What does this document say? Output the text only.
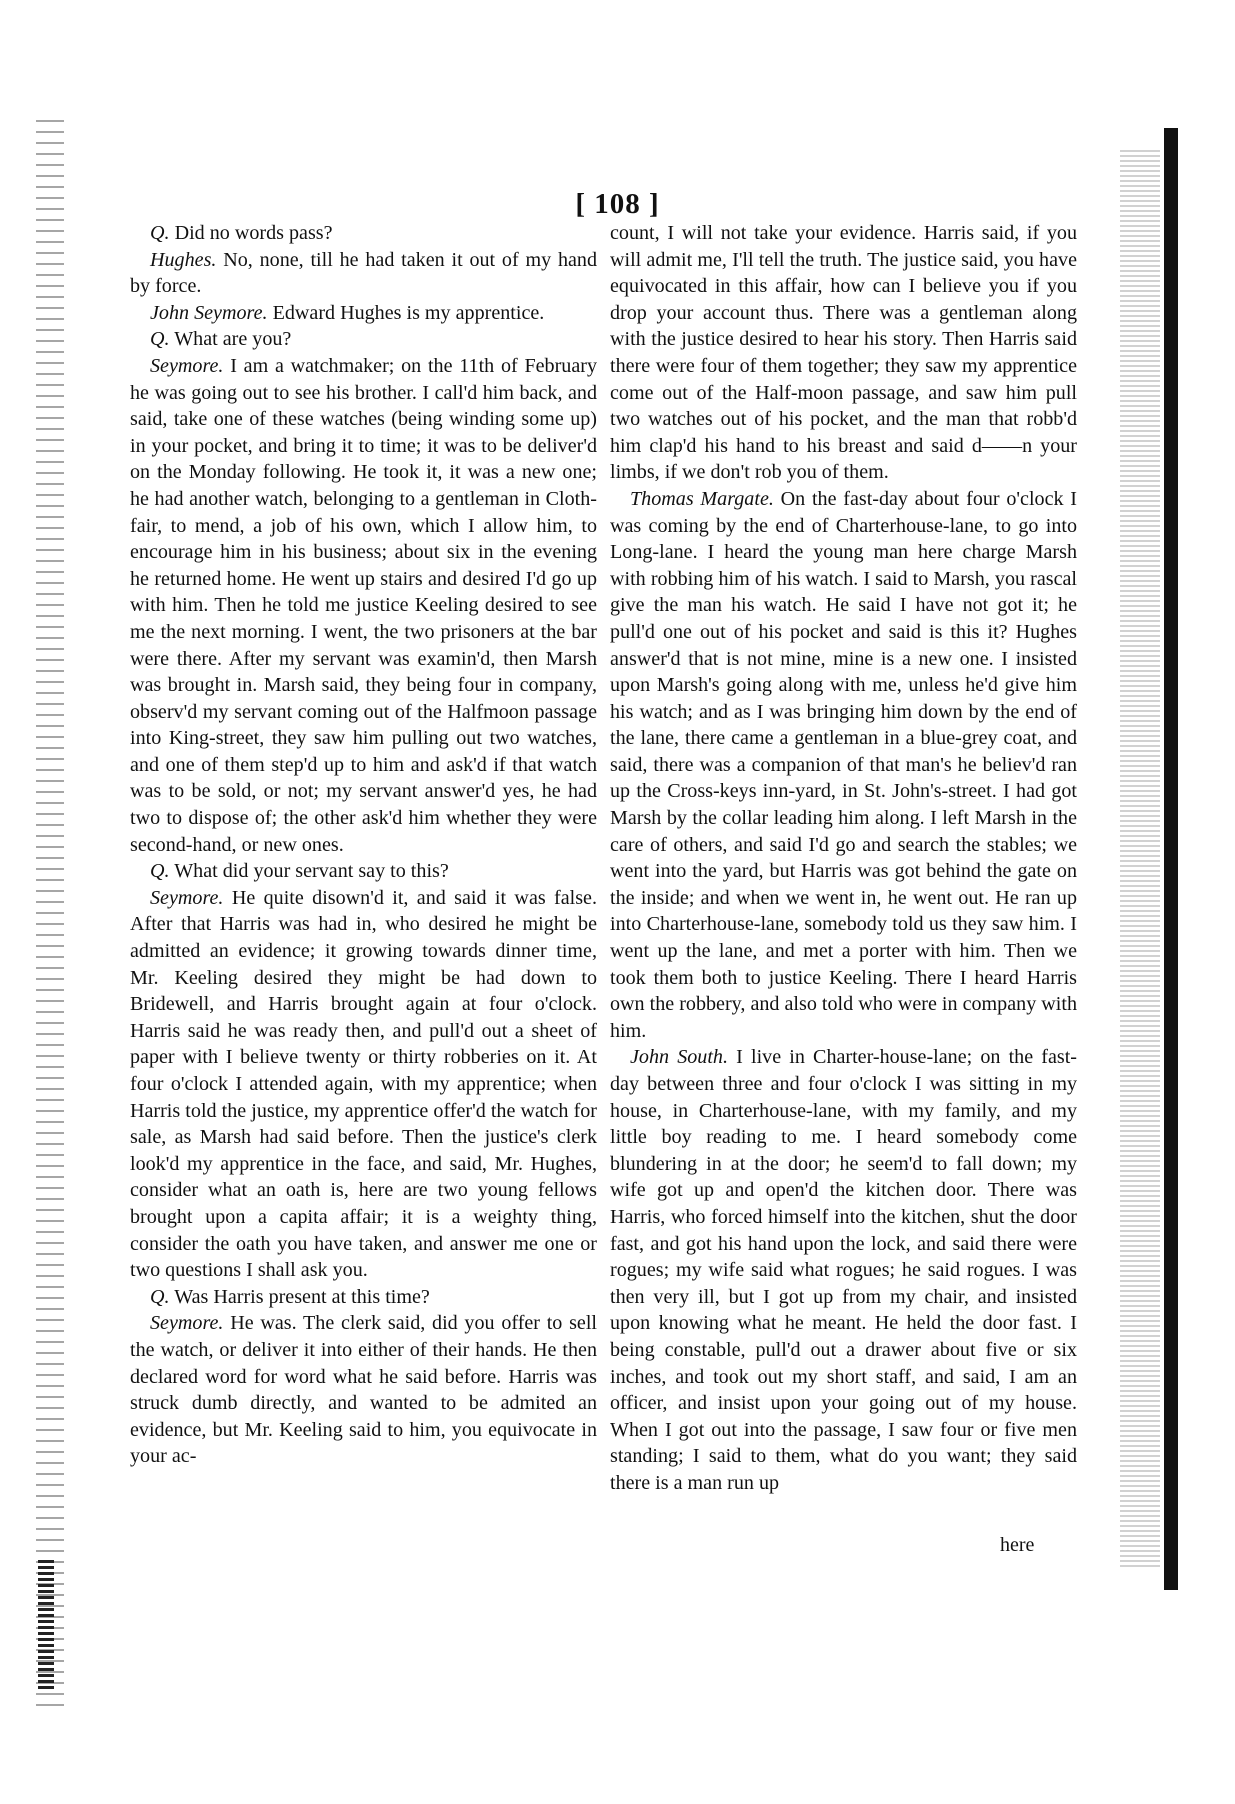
[ 108 ]

Q. Did no words pass?

Hughes. No, none, till he had taken it out of my hand by force.

John Seymore. Edward Hughes is my apprentice.

Q. What are you?

Seymore. I am a watchmaker; on the 11th of February he was going out to see his brother. I call'd him back, and said, take one of these watches (being winding some up) in your pocket, and bring it to time; it was to be deliver'd on the Monday following. He took it, it was a new one; he had another watch, belonging to a gentleman in Cloth-fair, to mend, a job of his own, which I allow him, to encourage him in his business; about six in the evening he returned home. He went up stairs and desired I'd go up with him. Then he told me justice Keeling desired to see me the next morning. I went, the two prisoners at the bar were there. After my servant was examin'd, then Marsh was brought in. Marsh said, they being four in company, observ'd my servant coming out of the Halfmoon passage into King-street, they saw him pulling out two watches, and one of them step'd up to him and ask'd if that watch was to be sold, or not; my servant answer'd yes, he had two to dispose of; the other ask'd him whether they were second-hand, or new ones.

Q. What did your servant say to this?

Seymore. He quite disown'd it, and said it was false. After that Harris was had in, who desired he might be admitted an evidence; it growing towards dinner time, Mr. Keeling desired they might be had down to Bridewell, and Harris brought again at four o'clock. Harris said he was ready then, and pull'd out a sheet of paper with I believe twenty or thirty robberies on it. At four o'clock I attended again, with my apprentice; when Harris told the justice, my apprentice offer'd the watch for sale, as Marsh had said before. Then the justice's clerk look'd my apprentice in the face, and said, Mr. Hughes, consider what an oath is, here are two young fellows brought upon a capita affair; it is a weighty thing, consider the oath you have taken, and answer me one or two questions I shall ask you.

Q. Was Harris present at this time?

Seymore. He was. The clerk said, did you offer to sell the watch, or deliver it into either of their hands. He then declared word for word what he said before. Harris was struck dumb directly, and wanted to be admited an evidence, but Mr. Keeling said to him, you equivocate in your ac-

count, I will not take your evidence. Harris said, if you will admit me, I'll tell the truth. The justice said, you have equivocated in this affair, how can I believe you if you drop your account thus. There was a gentleman along with the justice desired to hear his story. Then Harris said there were four of them together; they saw my apprentice come out of the Half-moon passage, and saw him pull two watches out of his pocket, and the man that robb'd him clap'd his hand to his breast and said d——n your limbs, if we don't rob you of them.

Thomas Margate. On the fast-day about four o'clock I was coming by the end of Charterhouse-lane, to go into Long-lane. I heard the young man here charge Marsh with robbing him of his watch. I said to Marsh, you rascal give the man his watch. He said I have not got it; he pull'd one out of his pocket and said is this it? Hughes answer'd that is not mine, mine is a new one. I insisted upon Marsh's going along with me, unless he'd give him his watch; and as I was bringing him down by the end of the lane, there came a gentleman in a blue-grey coat, and said, there was a companion of that man's he believ'd ran up the Cross-keys inn-yard, in St. John's-street. I had got Marsh by the collar leading him along. I left Marsh in the care of others, and said I'd go and search the stables; we went into the yard, but Harris was got behind the gate on the inside; and when we went in, he went out. He ran up into Charterhouse-lane, somebody told us they saw him. I went up the lane, and met a porter with him. Then we took them both to justice Keeling. There I heard Harris own the robbery, and also told who were in company with him.

John South. I live in Charter-house-lane; on the fast-day between three and four o'clock I was sitting in my house, in Charterhouse-lane, with my family, and my little boy reading to me. I heard somebody come blundering in at the door; he seem'd to fall down; my wife got up and open'd the kitchen door. There was Harris, who forced himself into the kitchen, shut the door fast, and got his hand upon the lock, and said there were rogues; my wife said what rogues; he said rogues. I was then very ill, but I got up from my chair, and insisted upon knowing what he meant. He held the door fast. I being constable, pull'd out a drawer about five or six inches, and took out my short staff, and said, I am an officer, and insist upon your going out of my house. When I got out into the passage, I saw four or five men standing; I said to them, what do you want; they said there is a man run up

here
